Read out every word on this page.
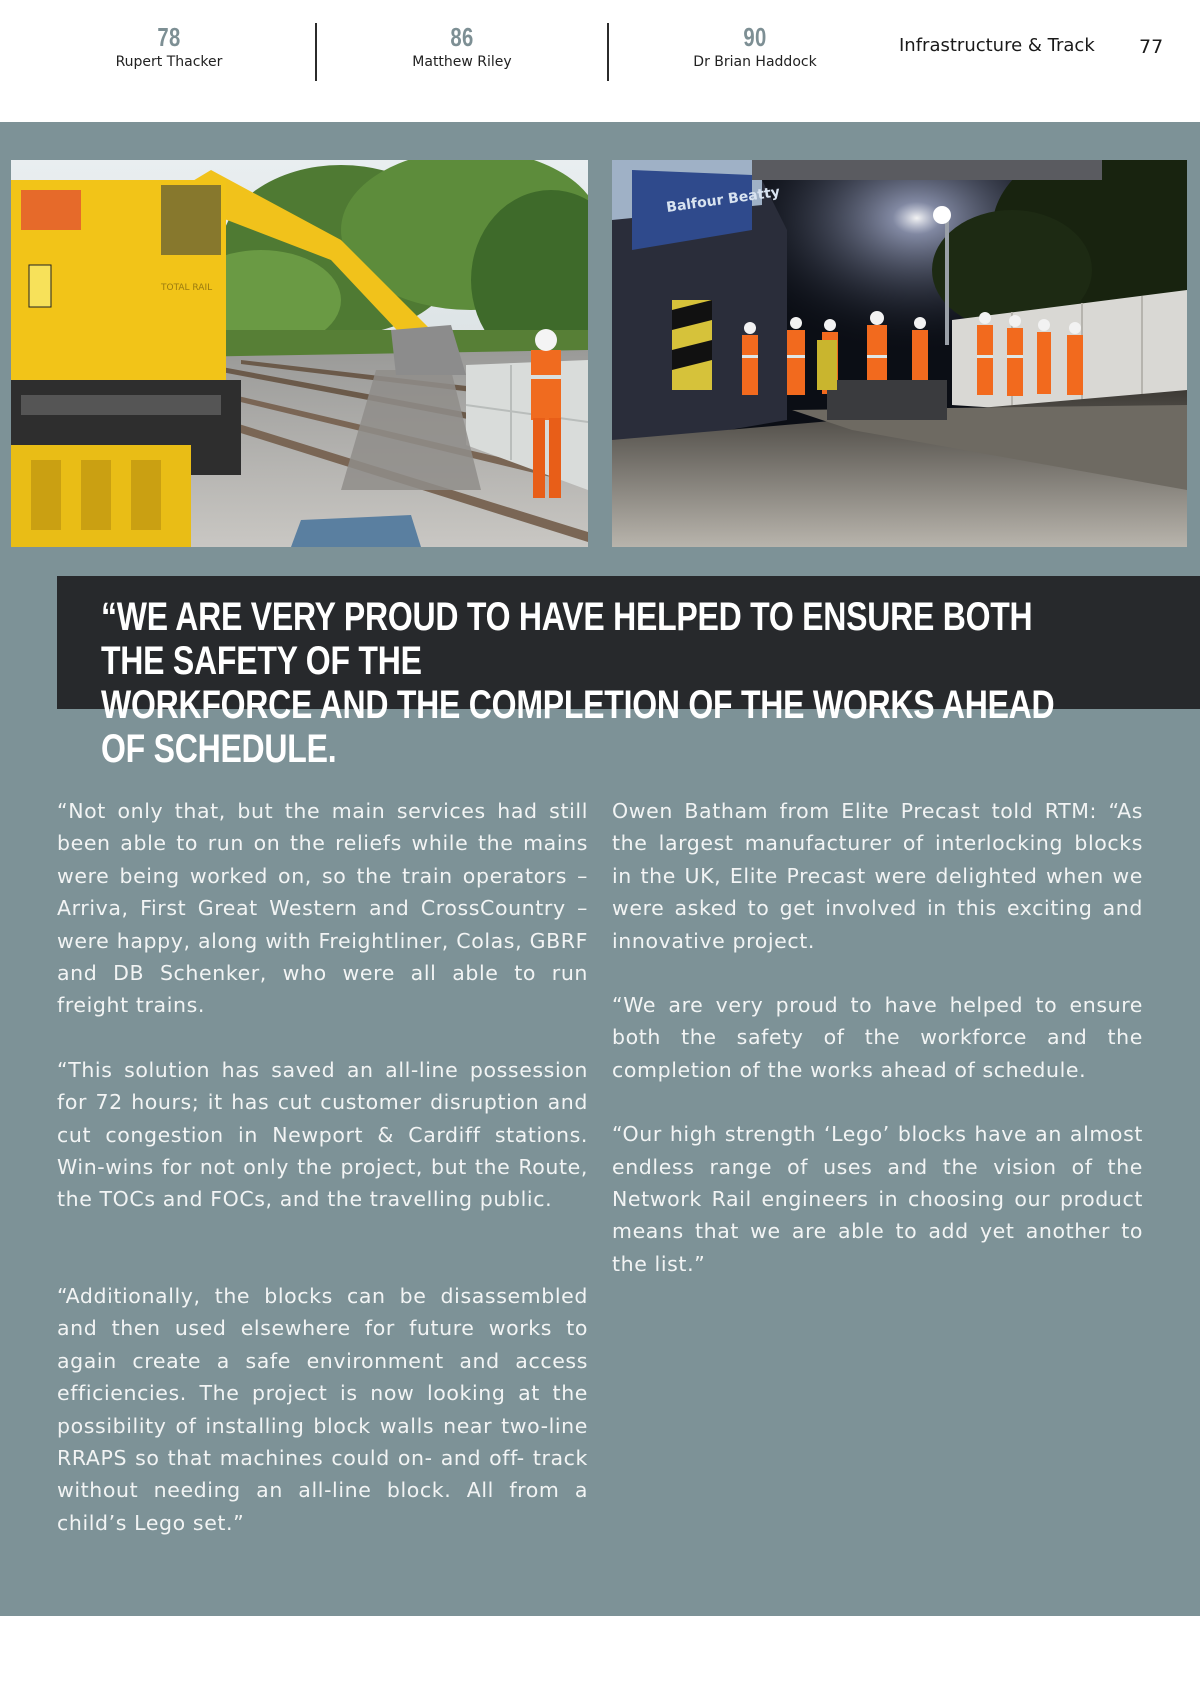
78
Rupert Thacker
86
Matthew Riley
90
Dr Brian Haddock
Infrastructure & Track 77
TOTAL RAIL
Balfour Beatty
“WE ARE VERY PROUD TO HAVE HELPED TO ENSURE BOTH THE SAFETY OF THE
WORKFORCE AND THE COMPLETION OF THE WORKS AHEAD OF SCHEDULE.

“Not only that, but the main services had still been able to run on the reliefs while the mains were being worked on, so the train operators – Arriva, First Great Western and CrossCountry – were happy, along with Freightliner, Colas, GBRF and DB Schenker, who were all able to run freight trains.

“This solution has saved an all-line possession for 72 hours; it has cut customer disruption and cut congestion in Newport & Cardiff stations. Win-wins for not only the project, but the Route, the TOCs and FOCs, and the travelling public.

“Additionally, the blocks can be disassembled and then used elsewhere for future works to again create a safe environment and access efficiencies. The project is now looking at the possibility of installing block walls near two-line RRAPS so that machines could on- and off- track without needing an all-line block. All from a child’s Lego set.”

Owen Batham from Elite Precast told RTM: “As the largest manufacturer of interlocking blocks in the UK, Elite Precast were delighted when we were asked to get involved in this exciting and innovative project.

“We are very proud to have helped to ensure both the safety of the workforce and the completion of the works ahead of schedule.

“Our high strength ‘Lego’ blocks have an almost endless range of uses and the vision of the Network Rail engineers in choosing our product means that we are able to add yet another to the list.”
